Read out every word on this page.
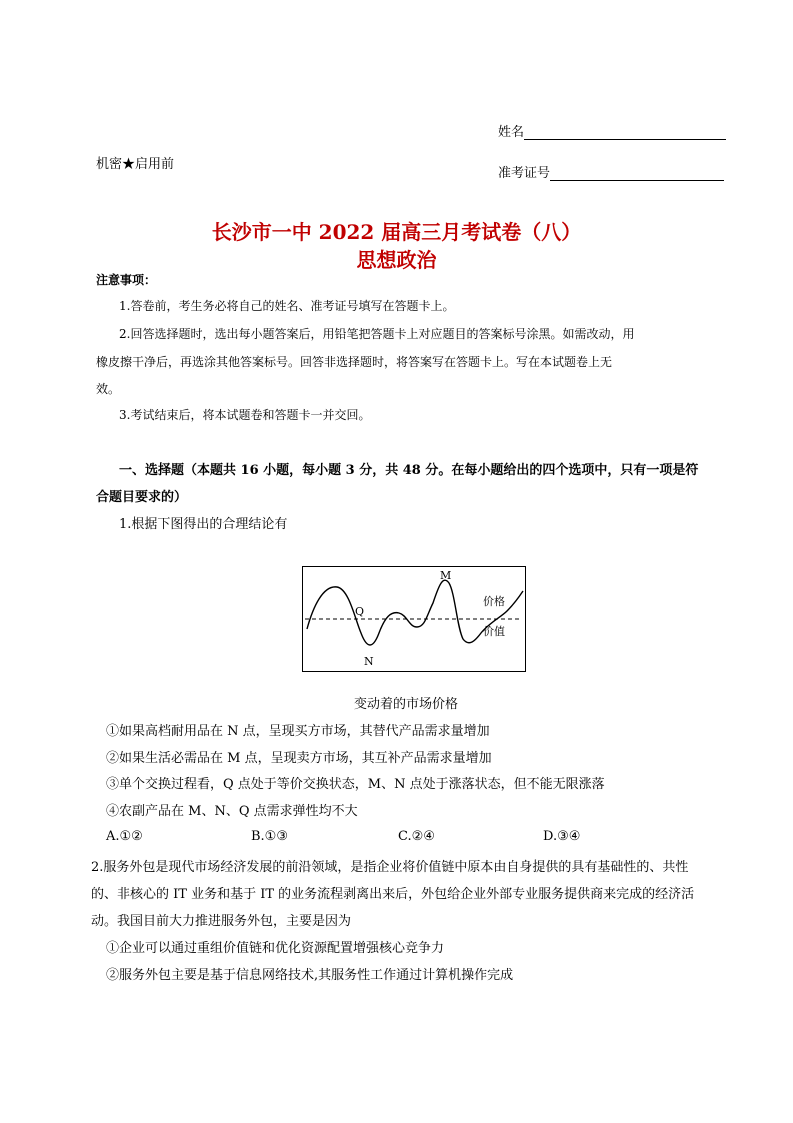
姓名
机密★启用前
准考证号
长沙市一中 2022 届高三月考试卷（八）
思想政治
注意事项：
1.答卷前，考生务必将自己的姓名、准考证号填写在答题卡上。
2.回答选择题时，选出每小题答案后，用铅笔把答题卡上对应题目的答案标号涂黑。如需改动，用
橡皮擦干净后，再选涂其他答案标号。回答非选择题时，将答案写在答题卡上。写在本试题卷上无
效。
3.考试结束后，将本试题卷和答题卡一并交回。
一、选择题（本题共 16 小题，每小题 3 分，共 48 分。在每小题给出的四个选项中，只有一项是符
合题目要求的）
1.根据下图得出的合理结论有
M
Q
N
价格
价值
变动着的市场价格
①如果高档耐用品在 N 点，呈现买方市场，其替代产品需求量增加
②如果生活必需品在 M 点，呈现卖方市场，其互补产品需求量增加
③单个交换过程看，Q 点处于等价交换状态，M、N 点处于涨落状态，但不能无限涨落
④农副产品在 M、N、Q 点需求弹性均不大
A.①②	B.①③	C.②④	D.③④
2.服务外包是现代市场经济发展的前沿领域，是指企业将价值链中原本由自身提供的具有基础性的、共性
的、非核心的 IT 业务和基于 IT 的业务流程剥离出来后，外包给企业外部专业服务提供商来完成的经济活
动。我国目前大力推进服务外包，主要是因为
①企业可以通过重组价值链和优化资源配置增强核心竞争力
②服务外包主要是基于信息网络技术,其服务性工作通过计算机操作完成
